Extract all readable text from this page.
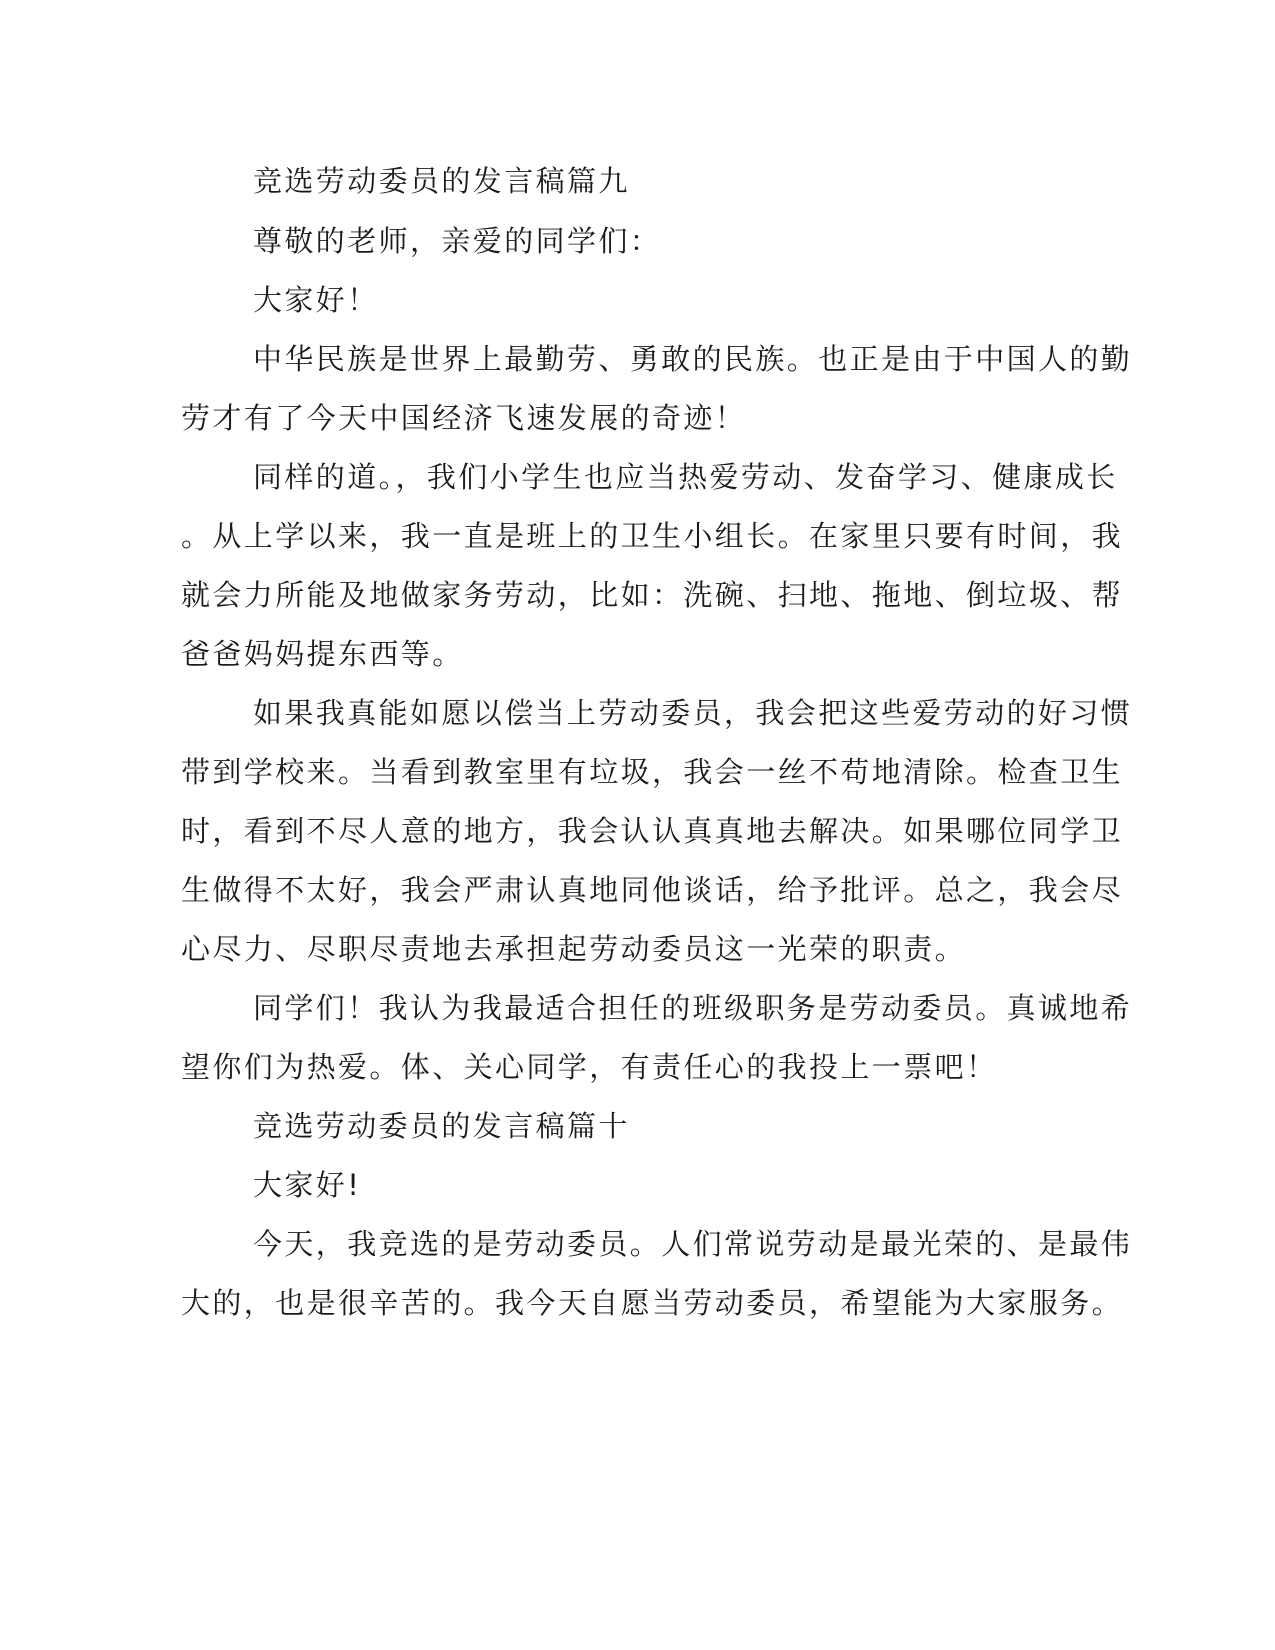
竞选劳动委员的发言稿篇九
尊敬的老师，亲爱的同学们：
大家好！
中华民族是世界上最勤劳、勇敢的民族。也正是由于中国人的勤
劳才有了今天中国经济飞速发展的奇迹！
同样的道。，我们小学生也应当热爱劳动、发奋学习、健康成长
。从上学以来，我一直是班上的卫生小组长。在家里只要有时间，我
就会力所能及地做家务劳动，比如：洗碗、扫地、拖地、倒垃圾、帮
爸爸妈妈提东西等。
如果我真能如愿以偿当上劳动委员，我会把这些爱劳动的好习惯
带到学校来。当看到教室里有垃圾，我会一丝不苟地清除。检查卫生
时，看到不尽人意的地方，我会认认真真地去解决。如果哪位同学卫
生做得不太好，我会严肃认真地同他谈话，给予批评。总之，我会尽
心尽力、尽职尽责地去承担起劳动委员这一光荣的职责。
同学们！我认为我最适合担任的班级职务是劳动委员。真诚地希
望你们为热爱。体、关心同学，有责任心的我投上一票吧！
竞选劳动委员的发言稿篇十
大家好!
今天，我竞选的是劳动委员。人们常说劳动是最光荣的、是最伟
大的，也是很辛苦的。我今天自愿当劳动委员，希望能为大家服务。
